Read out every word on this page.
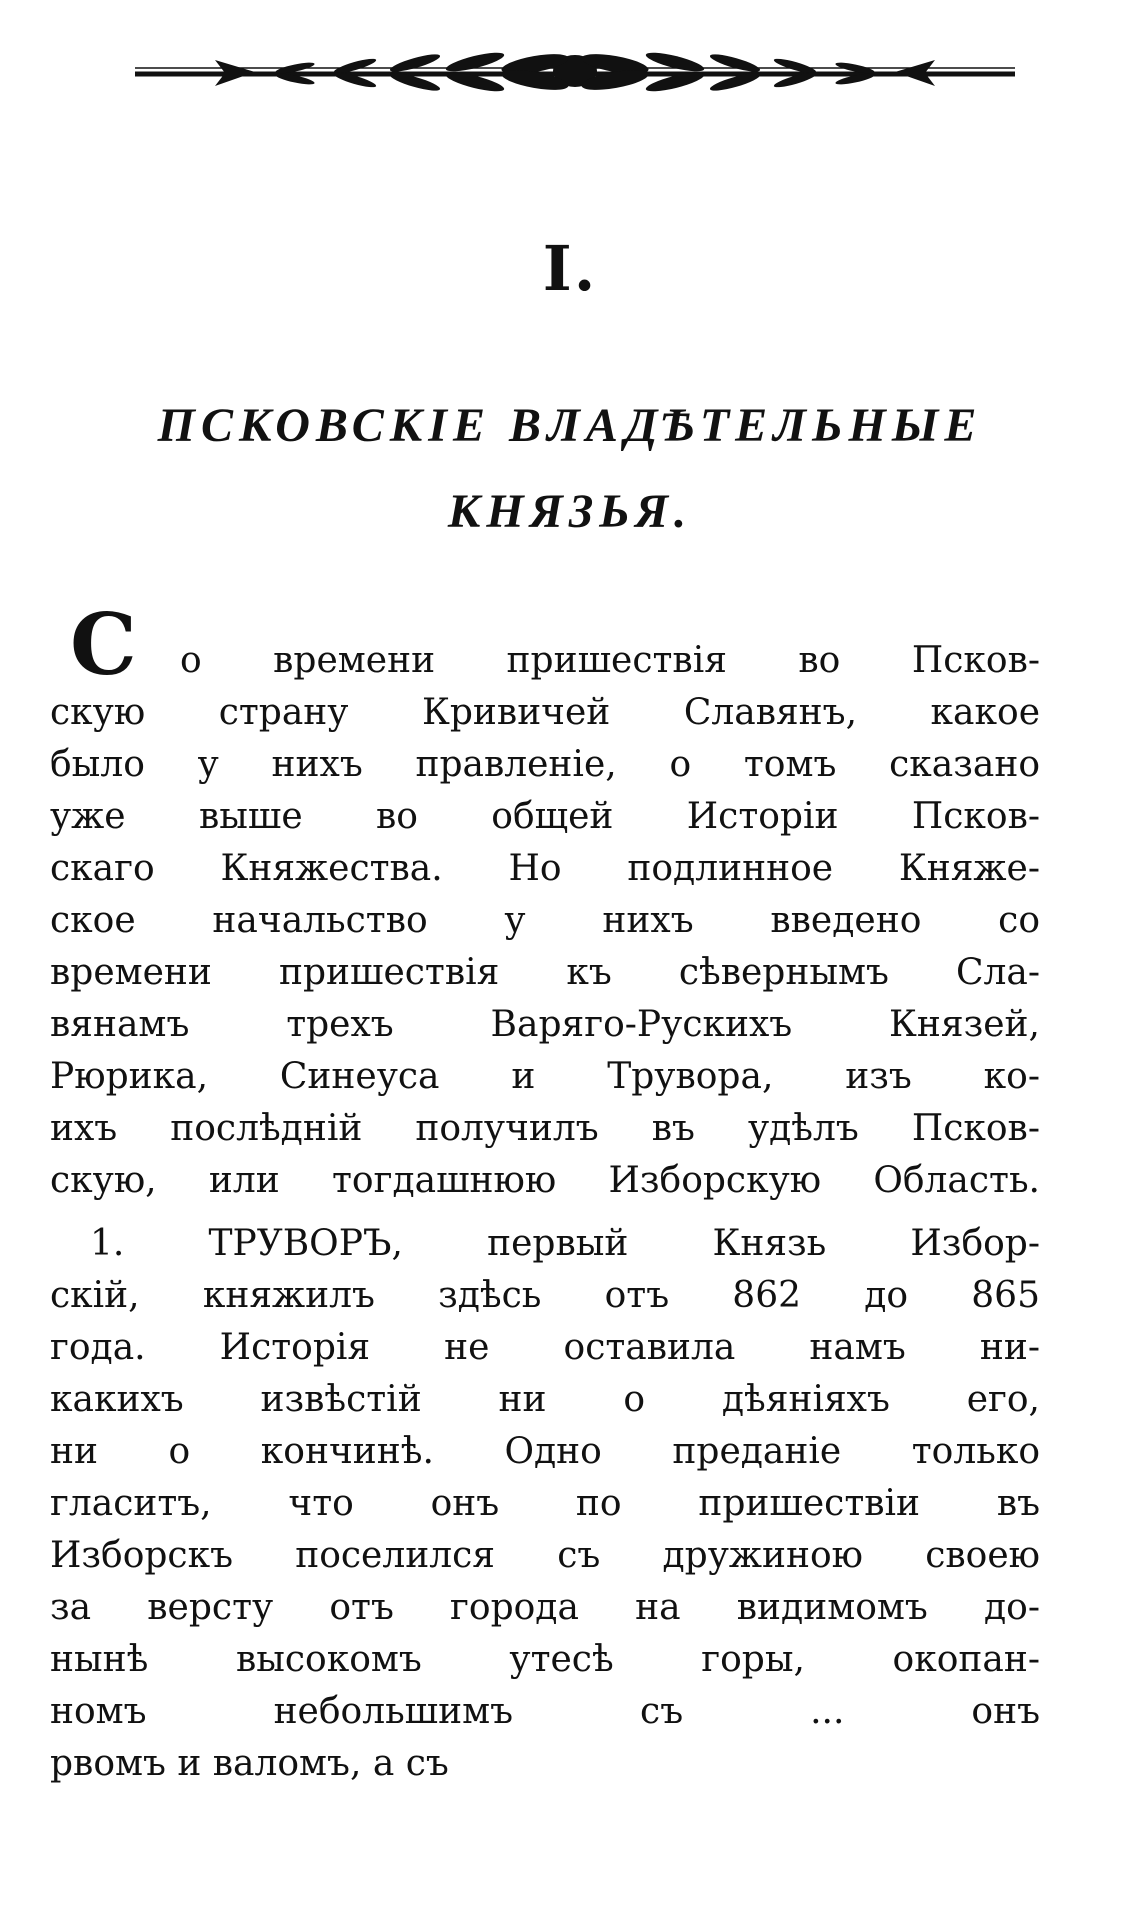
I.
ПСКОВСКІЕ ВЛАДѢТЕЛЬНЫЕ
КНЯЗЬЯ.
С о времени пришествія во Псков-
скую страну Кривичей Славянъ, какое
было у нихъ правленіе, о томъ сказано
уже выше во общей Исторіи Псков-
скаго Княжества. Но подлинное Княже-
ское начальство у нихъ введено со
времени пришествія къ сѣвернымъ Сла-
вянамъ трехъ Варяго-Рускихъ Князей,
Рюрика, Синеуса и Трувора, изъ ко-
ихъ послѣдній получилъ въ удѣлъ Псков-
скую, или тогдашнюю Изборскую Область.
1. ТРУВОРЪ, первый Князь Избор-
скій, княжилъ здѣсь отъ 862 до 865
года. Исторія не оставила намъ ни-
какихъ извѣстій ни о дѣяніяхъ его,
ни о кончинѣ. Одно преданіе только
гласитъ, что онъ по пришествіи въ
Изборскъ поселился съ дружиною своею
за версту отъ города на видимомъ до-
нынѣ высокомъ утесѣ горы, окопан-
номъ небольшимъ съ ... онъ
рвомъ и валомъ, а съ
